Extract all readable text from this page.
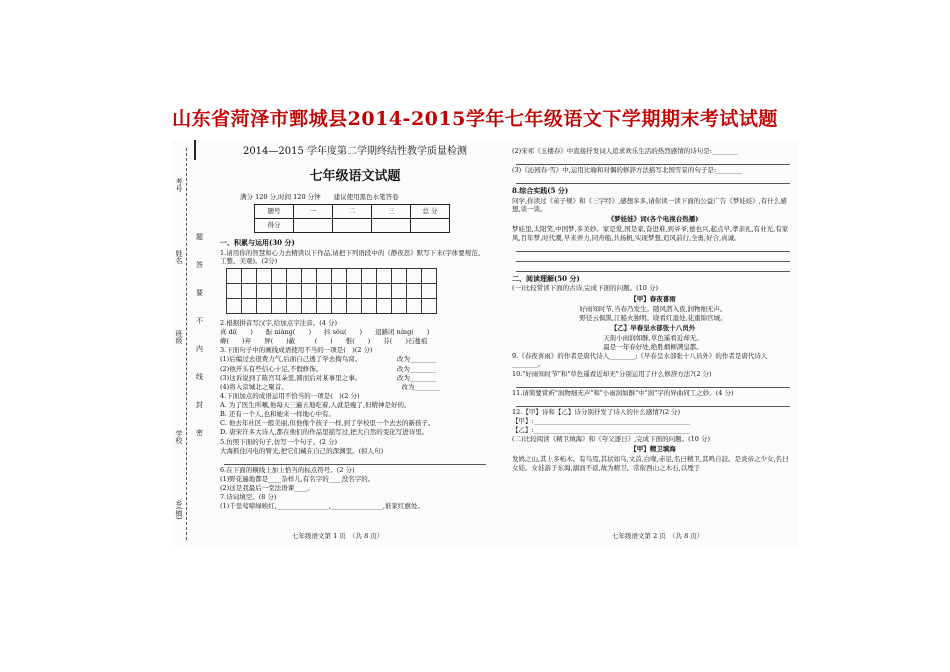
山东省菏泽市鄄城县2014-2015学年七年级语文下学期期末考试试题
考号
姓名
班级
学校
乡(镇)
题
答
要
不
内
线
封
密
2014—2015 学年度第二学期终结性教学质量检测
七年级语文试题
满分 120 分,时间 120 分钟　　建议使用黑色水笔答卷
题号	一	二	三	总 分
得分				
一、积累与运用(30 分)
1.请用你的智慧和心力去精读以下作品,请把下列语段中的《静夜思》默写下来(字体要规范、工整、美观)。(2分)
2.根据拼音写汉字,给加点字注音。(4 分)
真 dí(　　)　　酝 niàng(　　)　　抖 sǒu(　　)　　退路闭 níng(　　)
瘠(　　)弃　　屏(　　)蔽　　　(　　)　　惟(　　)　　芬(　　)石蔓痕
3.下面句子中的画线成语使用不当的一项是(　)(2 分)
(1)后编过去很费力气,后面自己透了学去掏鸟窝。　　　　　　改为________
(2)他开头有些信心十足,不假修饰。　　　　　　　　　　　　改为________
(3)这诉说到了陈宫耳朵里,圆而后对某事里之事。　　　　　　改为________
(4)将入京城北之聚首。　　　　　　　　　　　　　　　　　　改为________
4.下面加点的成语运用不恰当的一项是(　)(2 分)
A. 为了医生所嘱,他每天三遍五地吃着,人就是瘦了,但精神是好的。
B. 还有一个人,也和她来一样地心中有。
C. 他去年社区一般美丽,但他像个孩子一样,到了学校里一个去去的新孩子。
D. 唐宋许多大诗人,都在他们的作品里描写过,把大自然的变化写进诗里。
5.仿照下面的句子,仿写一个句子。(2 分)
大海抓住闪电的臂光,把它们藏在自己的深渊里。(拟人句)
6.在下面的横线上加上恰当的标点符号。(2 分)
(1)野花遍地都是____杂样儿,有名字的____没名字的。
(2)这是我最后一堂法语课____。
7.诗词填空。(8 分)
(1)千里莺啼绿映红,________________,________________,谁家红旗处。
七年级语文第 1 页　（共 8 页）
(2)宋祁《玉楼春》中直接抒发词人追求欢乐生活的热烈感情的诗句是:________
(3)《沁园春·雪》中,运用比喻和对偶的修辞方法描写北国雪景的句子是:________
8.综合实践(5 分)
同学,你读过《弟子规》和《三字经》,感想多多,请你读一读下面的公益广告《梦娃娃》,有什么感想,谈一谈。
《梦娃娃》词(各个电视台热播)
梦娃里,太阳笑,中国梦,多美妙。家是爱,国是家,奋进难,到爷爷,德也兴,起点早,孝亲礼,有业光,有家风,百年梦,时代潮,早来弄力,同舟船,共扬帆,实现梦想,追风前行,全勇,好合,真诚。
二、阅读理解(50 分)
(一)比较赏读下面的古诗,完成下面的问题。(10 分)
【甲】春夜喜雨
好雨知时节,当春乃发生。随风潜入夜,润物细无声。
野径云俱黑,江船火独明。晓看红湿处,花重锦官城。
【乙】早春呈水部张十八员外
天街小雨润如酥,草色遥看近却无。
最是一年春好处,绝胜烟柳满皇都。
9.《春夜喜雨》的作者是唐代诗人________;《早春呈水部张十八员外》的作者是唐代诗人________。
10."好雨知时节"和"草色遥看近却无"分别运用了什么修辞方法?(2 分)
11.请简要赏析"润物细无声"和"小雨润如酥"中"润"字的异曲同工之妙。(4 分)
12.【甲】诗和【乙】诗分别抒发了诗人的什么感情?(2 分)
【甲】:________________________________________________
【乙】:________________________________________________
(二)比较阅读《精卫填海》和《夸父逐日》,完成下面的问题。(10 分)
【甲】精卫填海
发鸠之山,其上多柘木。有鸟焉,其状如乌,文首,白喙,赤足,名曰精卫,其鸣自詨。是炎帝之少女,名曰女娃。女娃游于东海,溺而不返,故为精卫。常衔西山之木石,以堙于
七年级语文第 2 页　（共 8 页）
